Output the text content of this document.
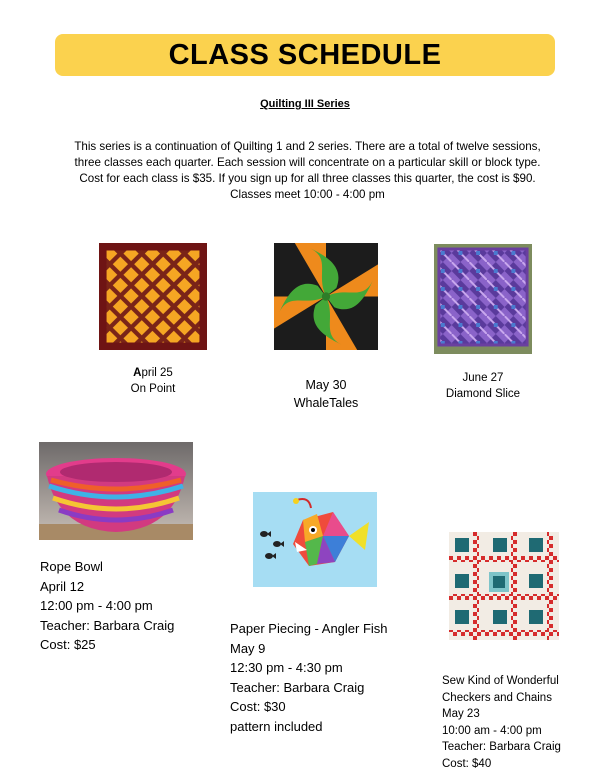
CLASS SCHEDULE
Quilting III Series
This series is a continuation of Quilting 1 and 2 series. There are a total of twelve sessions,
three classes each quarter. Each session will concentrate on a particular skill or block type.
Cost for each class is $35. If you sign up for all three classes this quarter, the cost is $90.
Classes meet 10:00 - 4:00 pm
April 25
On Point	May 30
WhaleTales
June 27
Diamond Slice
Rope Bowl
April 12
12:00 pm - 4:00 pm
Teacher: Barbara Craig
Cost: $25
Paper Piecing - Angler Fish
May 9
12:30 pm - 4:30 pm
Teacher: Barbara Craig
Cost: $30
pattern included
Sew Kind of Wonderful
Checkers and Chains
May 23
10:00 am - 4:00 pm
Teacher: Barbara Craig
Cost: $40
